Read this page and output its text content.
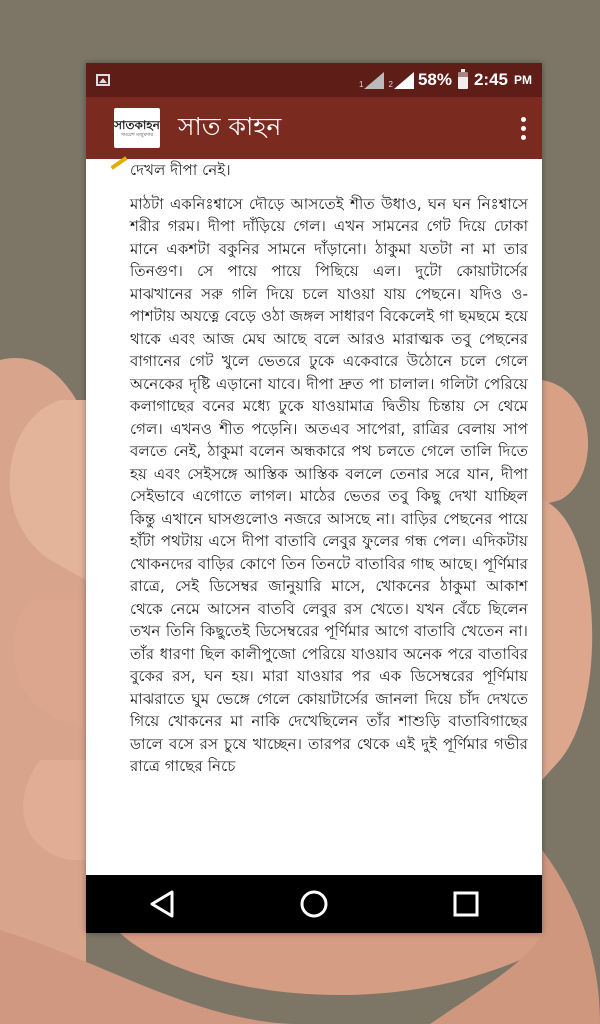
1	2 58% 2:45 PM
সাতকাহন
সমরেশ মজুমদার সাত কাহন

দেখল দীপা নেই।

মাঠটা একনিঃশ্বাসে দৌড়ে আসতেই শীত উধাও, ঘন ঘন নিঃশ্বাসে শরীর গরম। দীপা দাঁড়িয়ে গেল। এখন সামনের গেট দিয়ে ঢোকা মানে একশটা বকুনির সামনে দাঁড়ানো। ঠাকুমা যতটা না মা তার তিনগুণ। সে পায়ে পায়ে পিছিয়ে এল। দুটো কোয়াটার্সের মাঝখানের সরু গলি দিয়ে চলে যাওয়া যায় পেছনে। যদিও ও-পাশটায় অযত্নে বেড়ে ওঠা জঙ্গল সাধারণ বিকেলেই গা ছমছমে হয়ে থাকে এবং আজ মেঘ আছে বলে আরও মারাত্মক তবু পেছনের বাগানের গেট খুলে ভেতরে ঢুকে একেবারে উঠোনে চলে গেলে অনেকের দৃষ্টি এড়ানো যাবে। দীপা দ্রুত পা চালাল। গলিটা পেরিয়ে কলাগাছের বনের মধ্যে ঢুকে যাওয়ামাত্র দ্বিতীয় চিন্তায় সে থেমে গেল। এখনও শীত পড়েনি। অতএব সাপেরা, রাত্রির বেলায় সাপ বলতে নেই, ঠাকুমা বলেন অন্ধকারে পথ চলতে গেলে তালি দিতে হয় এবং সেইসঙ্গে আস্তিক আস্তিক বললে তেনার সরে যান, দীপা সেইভাবে এগোতে লাগল। মাঠের ভেতর তবু কিছু দেখা যাচ্ছিল কিন্তু এখানে ঘাসগুলোও নজরে আসছে না। বাড়ির পেছনের পায়ে হাঁটা পথটায় এসে দীপা বাতাবি লেবুর ফুলের গন্ধ পেল। এদিকটায় খোকনদের বাড়ির কোণে তিন তিনটে বাতাবির গাছ আছে। পূর্ণিমার রাত্রে, সেই ডিসেম্বর জানুয়ারি মাসে, খোকনের ঠাকুমা আকাশ থেকে নেমে আসেন বাতবি লেবুর রস খেতে। যখন বেঁচে ছিলেন তখন তিনি কিছুতেই ডিসেম্বরের পূর্ণিমার আগে বাতাবি খেতেন না। তাঁর ধারণা ছিল কালীপুজো পেরিয়ে যাওয়াব অনেক পরে বাতাবির বুকের রস, ঘন হয়। মারা যাওয়ার পর এক ডিসেম্বরের পূর্ণিমায় মাঝরাতে ঘুম ভেঙ্গে গেলে কোয়াটার্সের জানলা দিয়ে চাঁদ দেখতে গিয়ে খোকনের মা নাকি দেখেছিলেন তাঁর শাশুড়ি বাতাবিগাছের ডালে বসে রস চুষে খাচ্ছেন। তারপর থেকে এই দুই পূর্ণিমার গভীর রাত্রে গাছের নিচে
